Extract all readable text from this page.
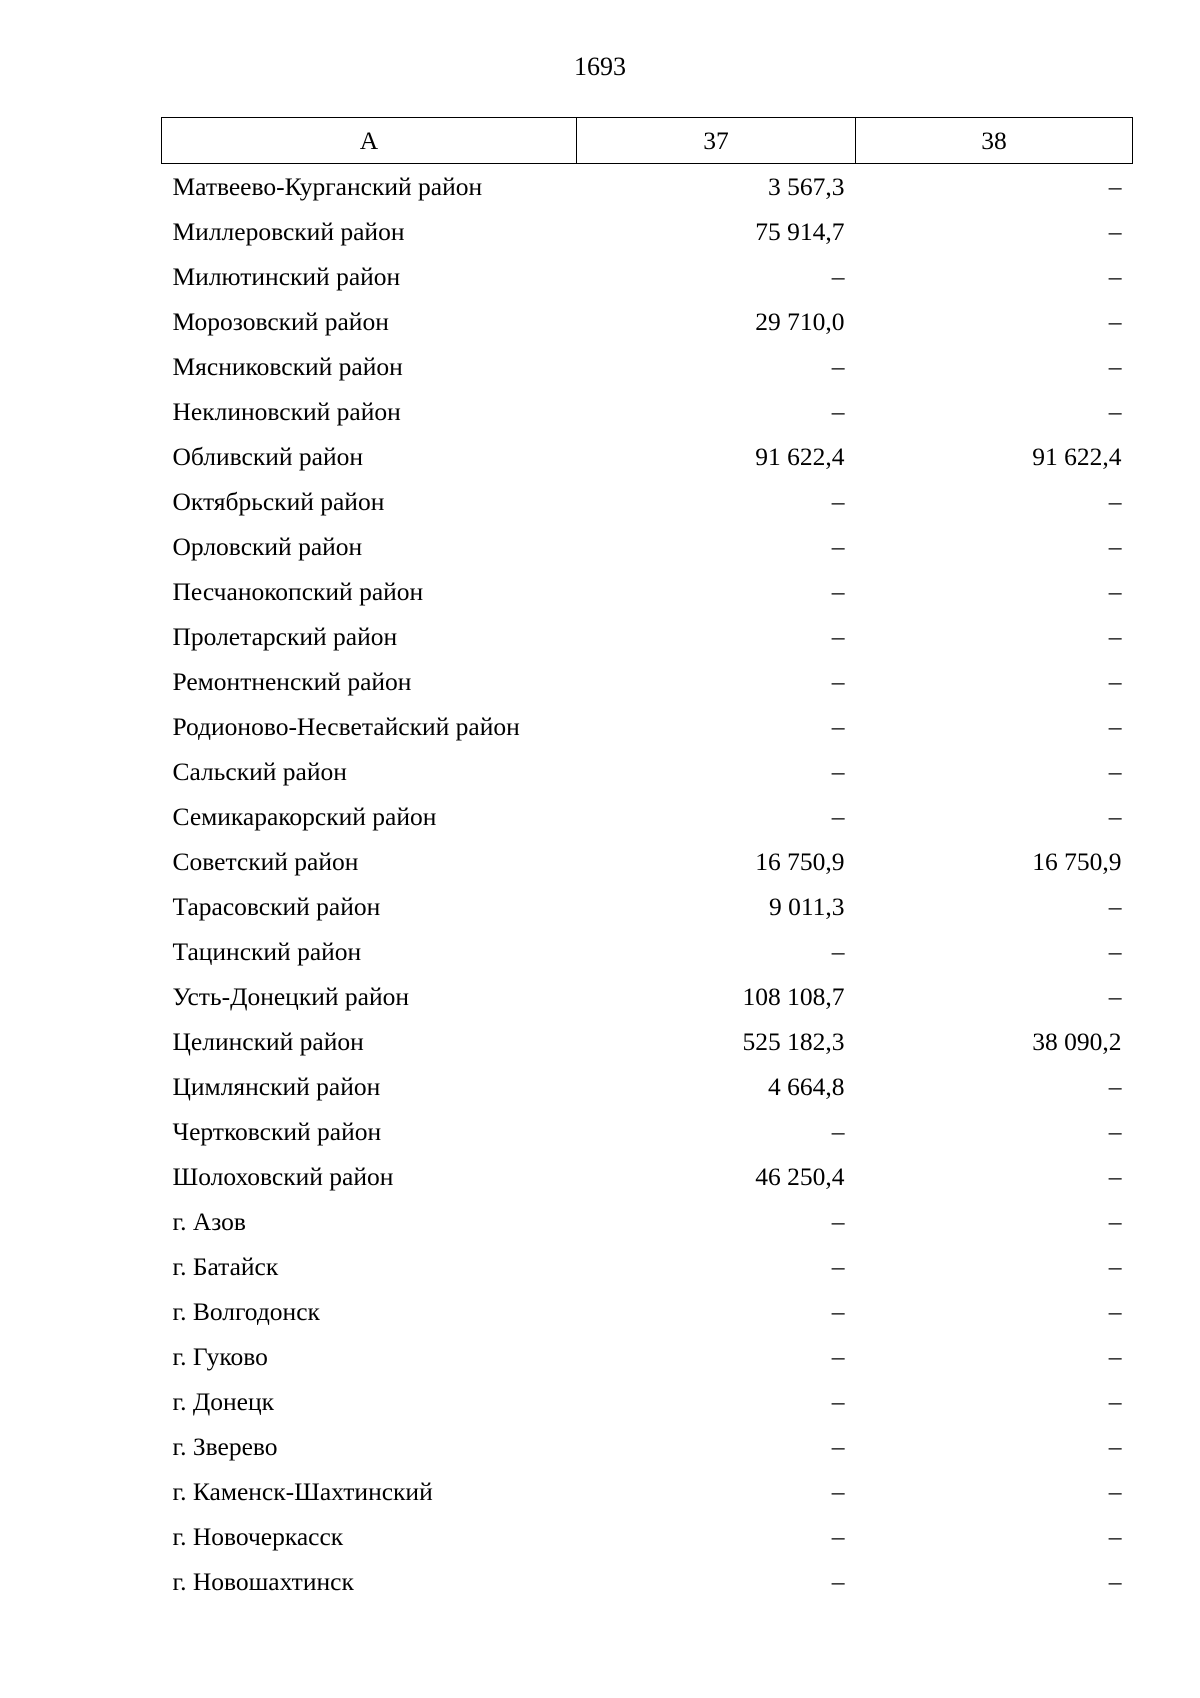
1693
А	37	38
Матвеево-Курганский район	3 567,3	–
Миллеровский район	75 914,7	–
Милютинский район	–	–
Морозовский район	29 710,0	–
Мясниковский район	–	–
Неклиновский район	–	–
Обливский район	91 622,4	91 622,4
Октябрьский район	–	–
Орловский район	–	–
Песчанокопский район	–	–
Пролетарский район	–	–
Ремонтненский район	–	–
Родионово-Несветайский район	–	–
Сальский район	–	–
Семикаракорский район	–	–
Советский район	16 750,9	16 750,9
Тарасовский район	9 011,3	–
Тацинский район	–	–
Усть-Донецкий район	108 108,7	–
Целинский район	525 182,3	38 090,2
Цимлянский район	4 664,8	–
Чертковский район	–	–
Шолоховский район	46 250,4	–
г. Азов	–	–
г. Батайск	–	–
г. Волгодонск	–	–
г. Гуково	–	–
г. Донецк	–	–
г. Зверево	–	–
г. Каменск-Шахтинский	–	–
г. Новочеркасск	–	–
г. Новошахтинск	–	–
